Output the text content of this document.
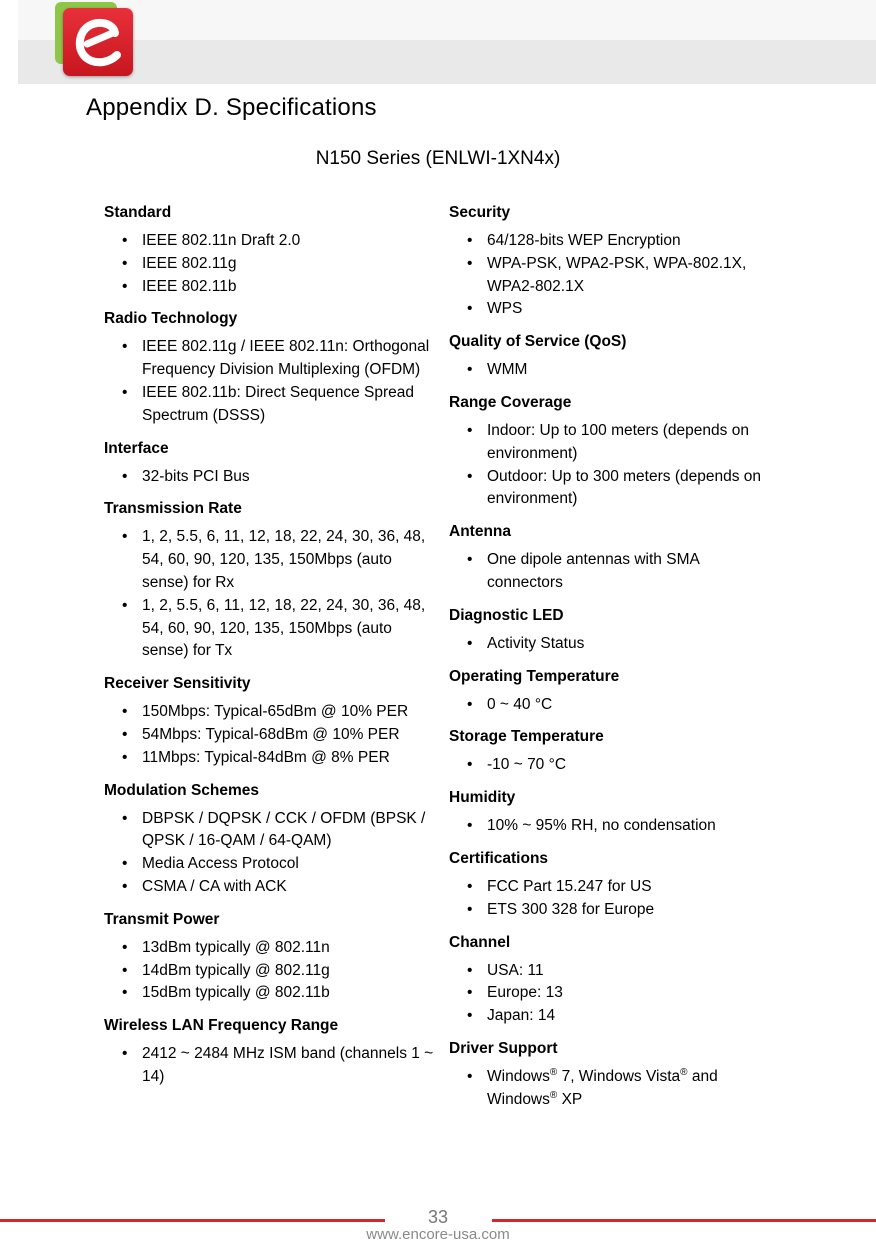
Appendix D. Specifications
N150 Series (ENLWI-1XN4x)
Standard
• IEEE 802.11n Draft 2.0
• IEEE 802.11g
• IEEE 802.11b
Radio Technology
• IEEE 802.11g / IEEE 802.11n: Orthogonal Frequency Division Multiplexing (OFDM)
• IEEE 802.11b: Direct Sequence Spread Spectrum (DSSS)
Interface
• 32-bits PCI Bus
Transmission Rate
• 1, 2, 5.5, 6, 11, 12, 18, 22, 24, 30, 36, 48, 54, 60, 90, 120, 135, 150Mbps (auto sense) for Rx
• 1, 2, 5.5, 6, 11, 12, 18, 22, 24, 30, 36, 48, 54, 60, 90, 120, 135, 150Mbps (auto sense) for Tx
Receiver Sensitivity
• 150Mbps: Typical-65dBm @ 10% PER
• 54Mbps: Typical-68dBm @ 10% PER
• 11Mbps: Typical-84dBm @ 8% PER
Modulation Schemes
• DBPSK / DQPSK / CCK / OFDM (BPSK / QPSK / 16-QAM / 64-QAM)
• Media Access Protocol
• CSMA / CA with ACK
Transmit Power
• 13dBm typically @ 802.11n
• 14dBm typically @ 802.11g
• 15dBm typically @ 802.11b
Wireless LAN Frequency Range
• 2412 ~ 2484 MHz ISM band (channels 1 ~ 14)
Security
• 64/128-bits WEP Encryption
• WPA-PSK, WPA2-PSK, WPA-802.1X, WPA2-802.1X
• WPS
Quality of Service (QoS)
• WMM
Range Coverage
• Indoor: Up to 100 meters (depends on environment)
• Outdoor: Up to 300 meters (depends on environment)
Antenna
• One dipole antennas with SMA connectors
Diagnostic LED
• Activity Status
Operating Temperature
• 0 ~ 40 °C
Storage Temperature
• -10 ~ 70 °C
Humidity
• 10% ~ 95% RH, no condensation
Certifications
• FCC Part 15.247 for US
• ETS 300 328 for Europe
Channel
• USA: 11
• Europe: 13
• Japan: 14
Driver Support
• Windows® 7, Windows Vista® and Windows® XP
33
www.encore-usa.com
